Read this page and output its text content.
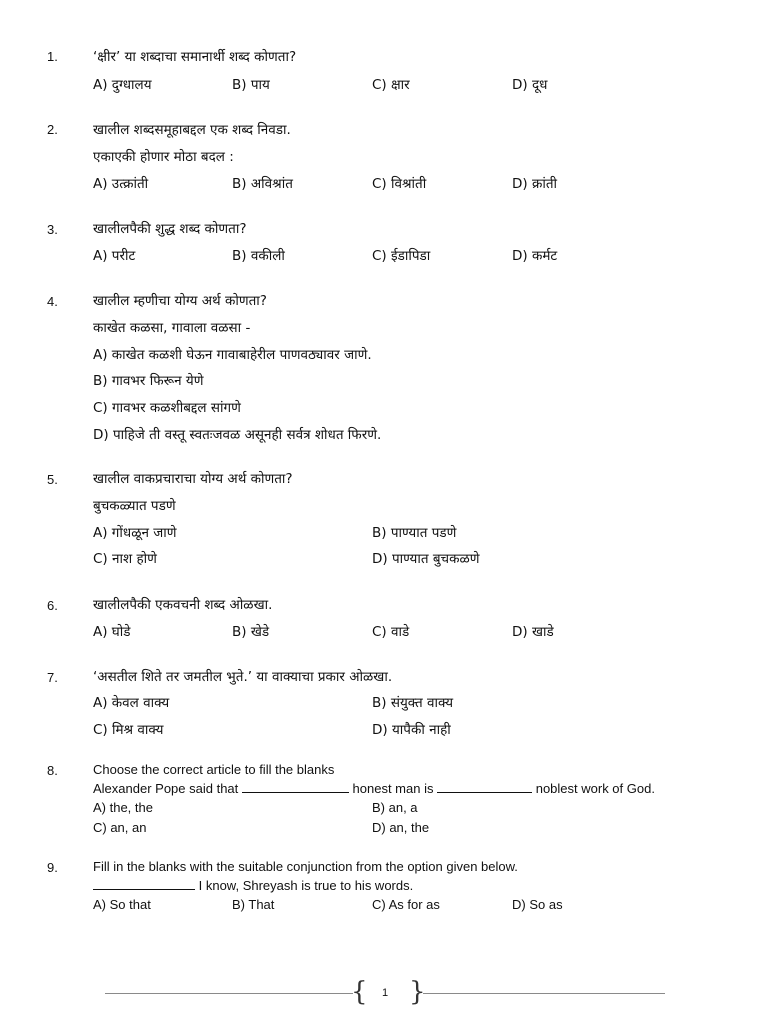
1.	‘क्षीर’ या शब्दाचा समानार्थी शब्द कोणता?
A) दुग्धालय	B) पाय	C) क्षार	D) दूध
2.	खालील शब्दसमूहाबद्दल एक शब्द निवडा.
एकाएकी होणार मोठा बदल :
A) उत्क्रांती	B) अविश्रांत	C) विश्रांती	D) क्रांती
3.	खालीलपैकी शुद्ध शब्द कोणता?
A) परीट	B) वकीली	C) ईडापिडा	D) कर्मट
4.	खालील म्हणीचा योग्य अर्थ कोणता?
काखेत कळसा, गावाला वळसा -
A) काखेत कळशी घेऊन गावाबाहेरील पाणवठ्यावर जाणे.
B) गावभर फिरून येणे
C) गावभर कळशीबद्दल सांगणे
D) पाहिजे ती वस्तू स्वतःजवळ असूनही सर्वत्र शोधत फिरणे.
5.	खालील वाकप्रचाराचा योग्य अर्थ कोणता?
बुचकळ्यात पडणे
A) गोंधळून जाणे	B) पाण्यात पडणे
C) नाश होणे	D) पाण्यात बुचकळणे
6.	खालीलपैकी एकवचनी शब्द ओळखा.
A) घोडे	B) खेडे	C) वाडे	D) खाडे
7.	‘असतील शिते तर जमतील भुते.’ या वाक्याचा प्रकार ओळखा.
A) केवल वाक्य	B) संयुक्त वाक्य
C) मिश्र वाक्य	D) यापैकी नाही
8.	Choose the correct article to fill the blanks
Alexander Pope said that	honest man is	noblest work of God.
A) the, the	B) an, a
C) an, an	D) an, the
9.	Fill in the blanks with the suitable conjunction from the option given below.
I know, Shreyash is true to his words.
A) So that	B) That	C) As for as	D) So as
{ 1 }
